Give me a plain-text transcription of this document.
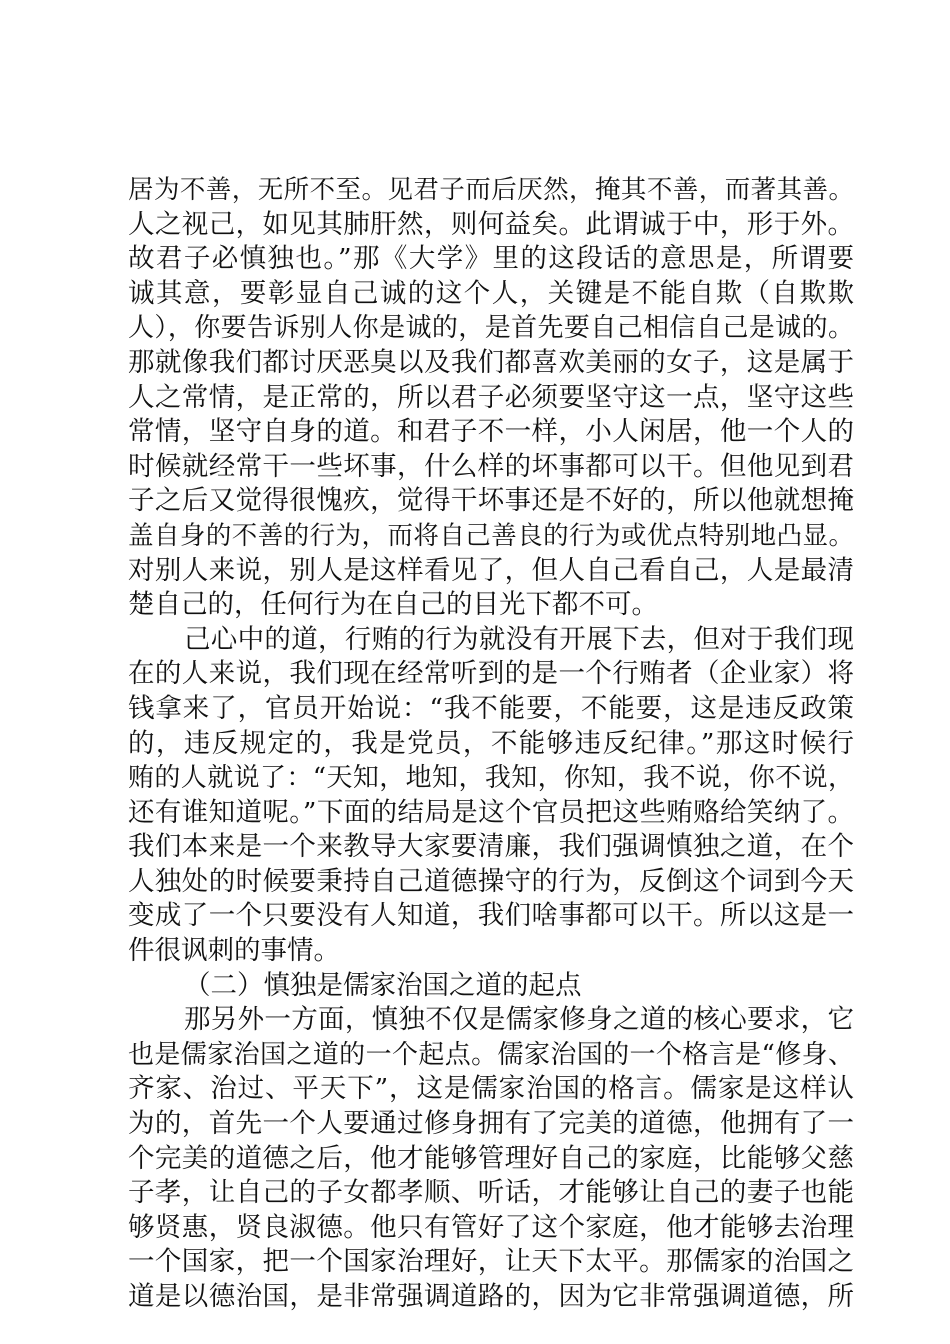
居为不善，无所不至。见君子而后厌然，掩其不善，而著其善。
人之视己，如见其肺肝然，则何益矣。此谓诚于中，形于外。
故君子必慎独也。”那《大学》里的这段话的意思是，所谓要
诚其意，要彰显自己诚的这个人，关键是不能自欺（自欺欺
人），你要告诉别人你是诚的，是首先要自己相信自己是诚的。
那就像我们都讨厌恶臭以及我们都喜欢美丽的女子，这是属于
人之常情，是正常的，所以君子必须要坚守这一点，坚守这些
常情，坚守自身的道。和君子不一样，小人闲居，他一个人的
时候就经常干一些坏事，什么样的坏事都可以干。但他见到君
子之后又觉得很愧疚，觉得干坏事还是不好的，所以他就想掩
盖自身的不善的行为，而将自己善良的行为或优点特别地凸显。
对别人来说，别人是这样看见了，但人自己看自己，人是最清
楚自己的，任何行为在自己的目光下都不可。
己心中的道，行贿的行为就没有开展下去，但对于我们现
在的人来说，我们现在经常听到的是一个行贿者（企业家）将
钱拿来了，官员开始说：“我不能要，不能要，这是违反政策
的，违反规定的，我是党员，不能够违反纪律。”那这时候行
贿的人就说了：“天知，地知，我知，你知，我不说，你不说，
还有谁知道呢。”下面的结局是这个官员把这些贿赂给笑纳了。
我们本来是一个来教导大家要清廉，我们强调慎独之道，在个
人独处的时候要秉持自己道德操守的行为，反倒这个词到今天
变成了一个只要没有人知道，我们啥事都可以干。所以这是一
件很讽刺的事情。
（二）慎独是儒家治国之道的起点
那另外一方面，慎独不仅是儒家修身之道的核心要求，它
也是儒家治国之道的一个起点。儒家治国的一个格言是“修身、
齐家、治过、平天下”，这是儒家治国的格言。儒家是这样认
为的，首先一个人要通过修身拥有了完美的道德，他拥有了一
个完美的道德之后，他才能够管理好自己的家庭，比能够父慈
子孝，让自己的子女都孝顺、听话，才能够让自己的妻子也能
够贤惠，贤良淑德。他只有管好了这个家庭，他才能够去治理
一个国家，把一个国家治理好，让天下太平。那儒家的治国之
道是以德治国，是非常强调道路的，因为它非常强调道德，所
